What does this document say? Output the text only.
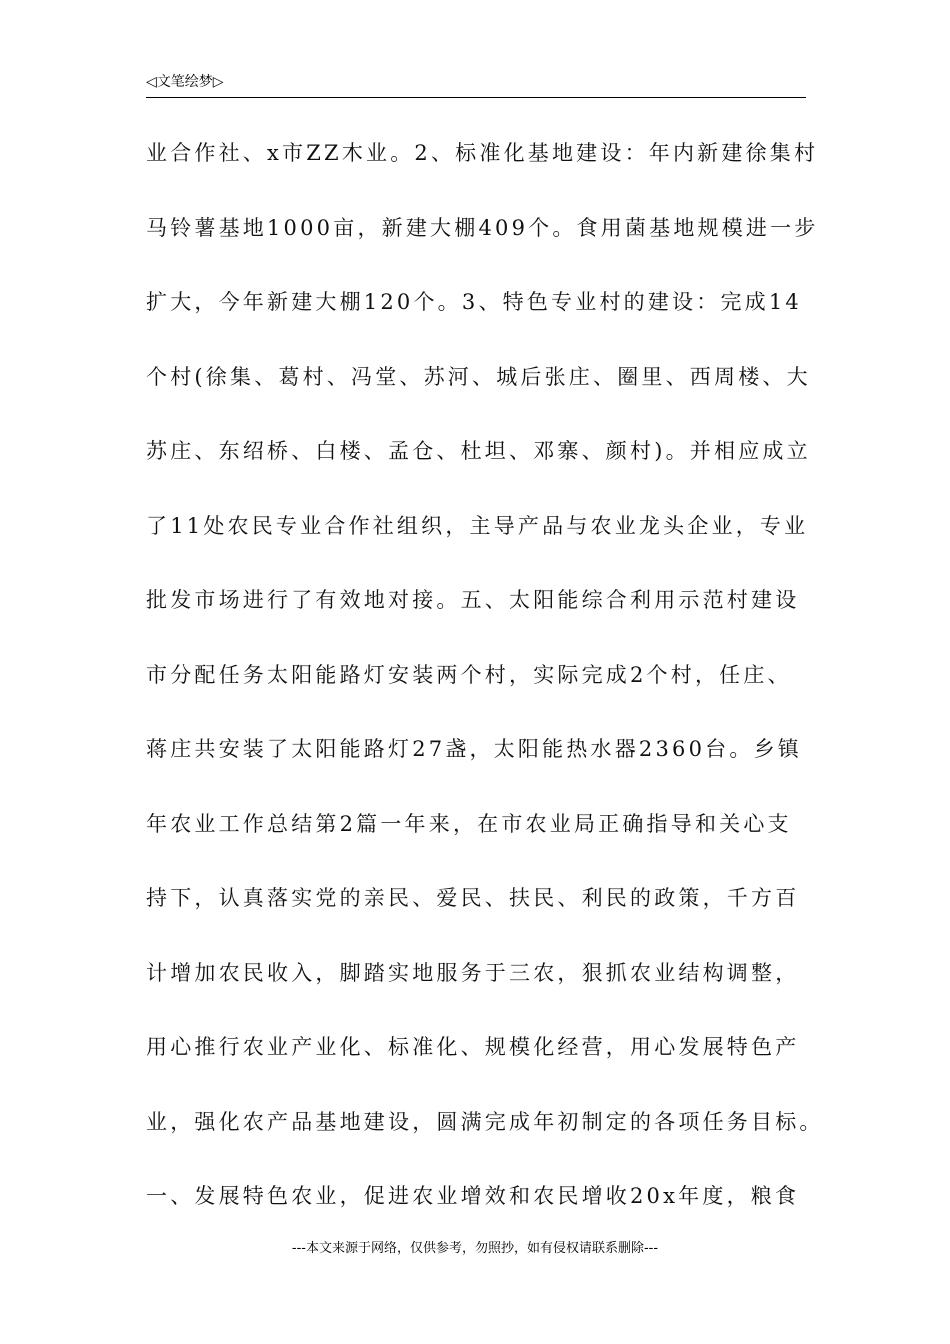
◁文笔绘梦▷
业合作社、x市ZZ木业。2、标准化基地建设：年内新建徐集村
马铃薯基地1000亩，新建大棚409个。食用菌基地规模进一步
扩大，今年新建大棚120个。3、特色专业村的建设：完成14
个村(徐集、葛村、冯堂、苏河、城后张庄、圈里、西周楼、大
苏庄、东绍桥、白楼、孟仓、杜坦、邓寨、颜村)。并相应成立
了11处农民专业合作社组织，主导产品与农业龙头企业，专业
批发市场进行了有效地对接。五、太阳能综合利用示范村建设
市分配任务太阳能路灯安装两个村，实际完成2个村，任庄、
蒋庄共安装了太阳能路灯27盏，太阳能热水器2360台。乡镇
年农业工作总结第2篇一年来，在市农业局正确指导和关心支
持下，认真落实党的亲民、爱民、扶民、利民的政策，千方百
计增加农民收入，脚踏实地服务于三农，狠抓农业结构调整，
用心推行农业产业化、标准化、规模化经营，用心发展特色产
业，强化农产品基地建设，圆满完成年初制定的各项任务目标。
一、发展特色农业，促进农业增效和农民增收20x年度，粮食
---本文来源于网络，仅供参考，勿照抄，如有侵权请联系删除---
